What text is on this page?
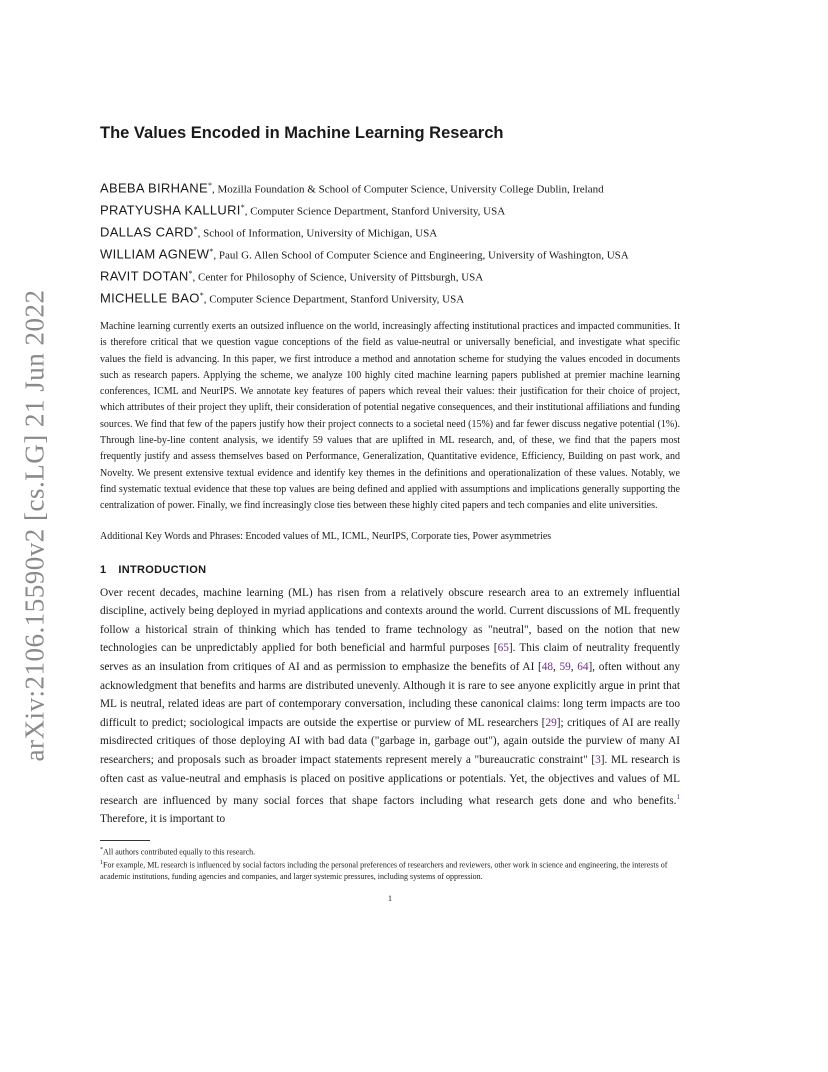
arXiv:2106.15590v2 [cs.LG] 21 Jun 2022
The Values Encoded in Machine Learning Research
ABEBA BIRHANE*, Mozilla Foundation & School of Computer Science, University College Dublin, Ireland
PRATYUSHA KALLURI*, Computer Science Department, Stanford University, USA
DALLAS CARD*, School of Information, University of Michigan, USA
WILLIAM AGNEW*, Paul G. Allen School of Computer Science and Engineering, University of Washington, USA
RAVIT DOTAN*, Center for Philosophy of Science, University of Pittsburgh, USA
MICHELLE BAO*, Computer Science Department, Stanford University, USA

Machine learning currently exerts an outsized influence on the world, increasingly affecting institutional practices and impacted communities. It is therefore critical that we question vague conceptions of the field as value-neutral or universally beneficial, and investigate what specific values the field is advancing. In this paper, we first introduce a method and annotation scheme for studying the values encoded in documents such as research papers. Applying the scheme, we analyze 100 highly cited machine learning papers published at premier machine learning conferences, ICML and NeurIPS. We annotate key features of papers which reveal their values: their justification for their choice of project, which attributes of their project they uplift, their consideration of potential negative consequences, and their institutional affiliations and funding sources. We find that few of the papers justify how their project connects to a societal need (15%) and far fewer discuss negative potential (1%). Through line-by-line content analysis, we identify 59 values that are uplifted in ML research, and, of these, we find that the papers most frequently justify and assess themselves based on Performance, Generalization, Quantitative evidence, Efficiency, Building on past work, and Novelty. We present extensive textual evidence and identify key themes in the definitions and operationalization of these values. Notably, we find systematic textual evidence that these top values are being defined and applied with assumptions and implications generally supporting the centralization of power. Finally, we find increasingly close ties between these highly cited papers and tech companies and elite universities.

Additional Key Words and Phrases: Encoded values of ML, ICML, NeurIPS, Corporate ties, Power asymmetries

1 INTRODUCTION

Over recent decades, machine learning (ML) has risen from a relatively obscure research area to an extremely influential discipline, actively being deployed in myriad applications and contexts around the world. Current discussions of ML frequently follow a historical strain of thinking which has tended to frame technology as "neutral", based on the notion that new technologies can be unpredictably applied for both beneficial and harmful purposes [65]. This claim of neutrality frequently serves as an insulation from critiques of AI and as permission to emphasize the benefits of AI [48, 59, 64], often without any acknowledgment that benefits and harms are distributed unevenly. Although it is rare to see anyone explicitly argue in print that ML is neutral, related ideas are part of contemporary conversation, including these canonical claims: long term impacts are too difficult to predict; sociological impacts are outside the expertise or purview of ML researchers [29]; critiques of AI are really misdirected critiques of those deploying AI with bad data ("garbage in, garbage out"), again outside the purview of many AI researchers; and proposals such as broader impact statements represent merely a "bureaucratic constraint" [3]. ML research is often cast as value-neutral and emphasis is placed on positive applications or potentials. Yet, the objectives and values of ML research are influenced by many social forces that shape factors including what research gets done and who benefits.$^1$ Therefore, it is important to

*All authors contributed equally to this research.
$^1$For example, ML research is influenced by social factors including the personal preferences of researchers and reviewers, other work in science and engineering, the interests of academic institutions, funding agencies and companies, and larger systemic pressures, including systems of oppression.
1
